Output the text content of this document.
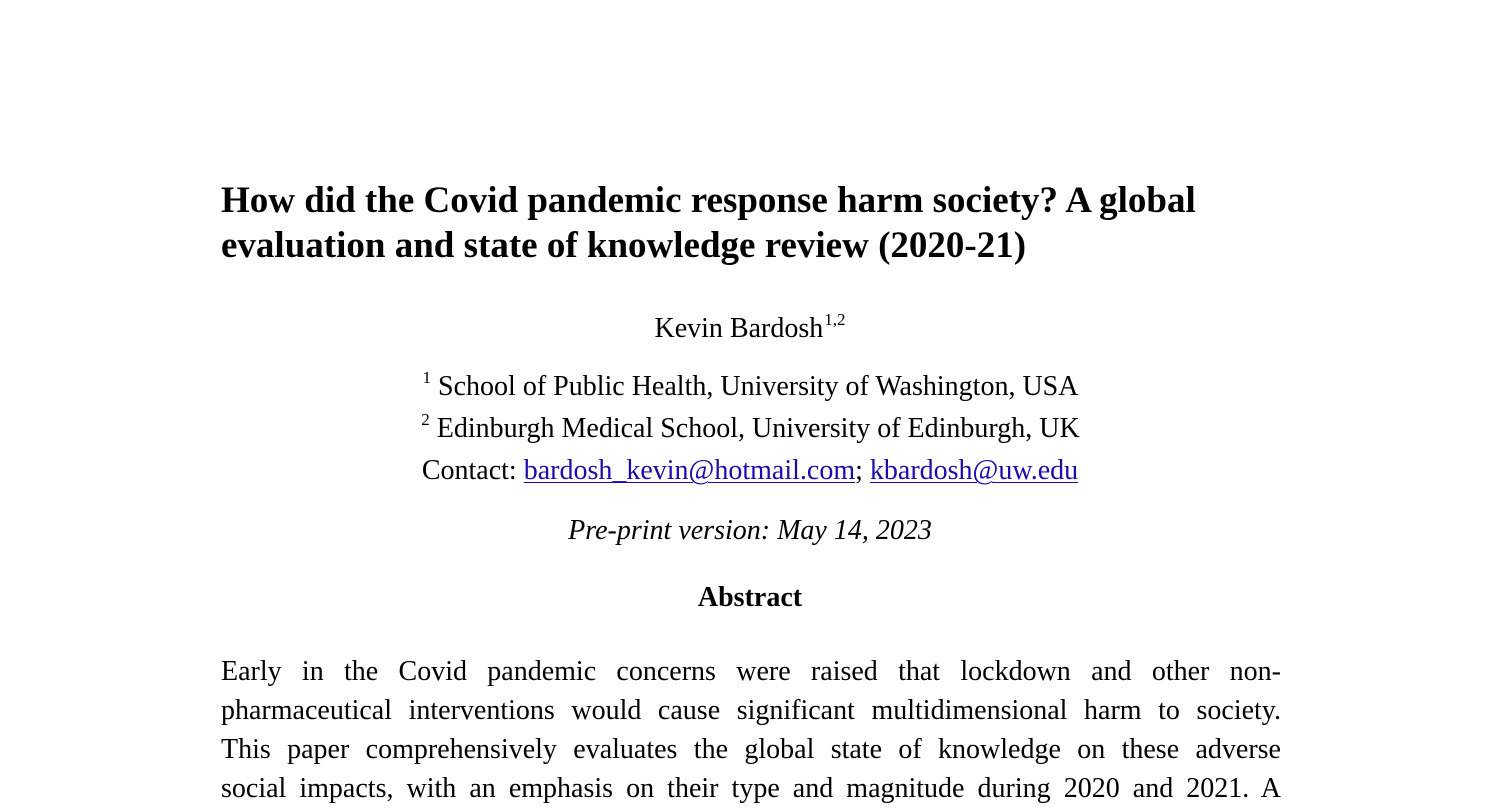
How did the Covid pandemic response harm society? A global
evaluation and state of knowledge review (2020-21)
Kevin Bardosh$^{1,2}$
$^1$ School of Public Health, University of Washington, USA
$^2$ Edinburgh Medical School, University of Edinburgh, UK
Contact: bardosh_kevin@hotmail.com; kbardosh@uw.edu
Pre-print version: May 14, 2023
Abstract
Early in the Covid pandemic concerns were raised that lockdown and other non-
pharmaceutical interventions would cause significant multidimensional harm to society.
This paper comprehensively evaluates the global state of knowledge on these adverse
social impacts, with an emphasis on their type and magnitude during 2020 and 2021. A
